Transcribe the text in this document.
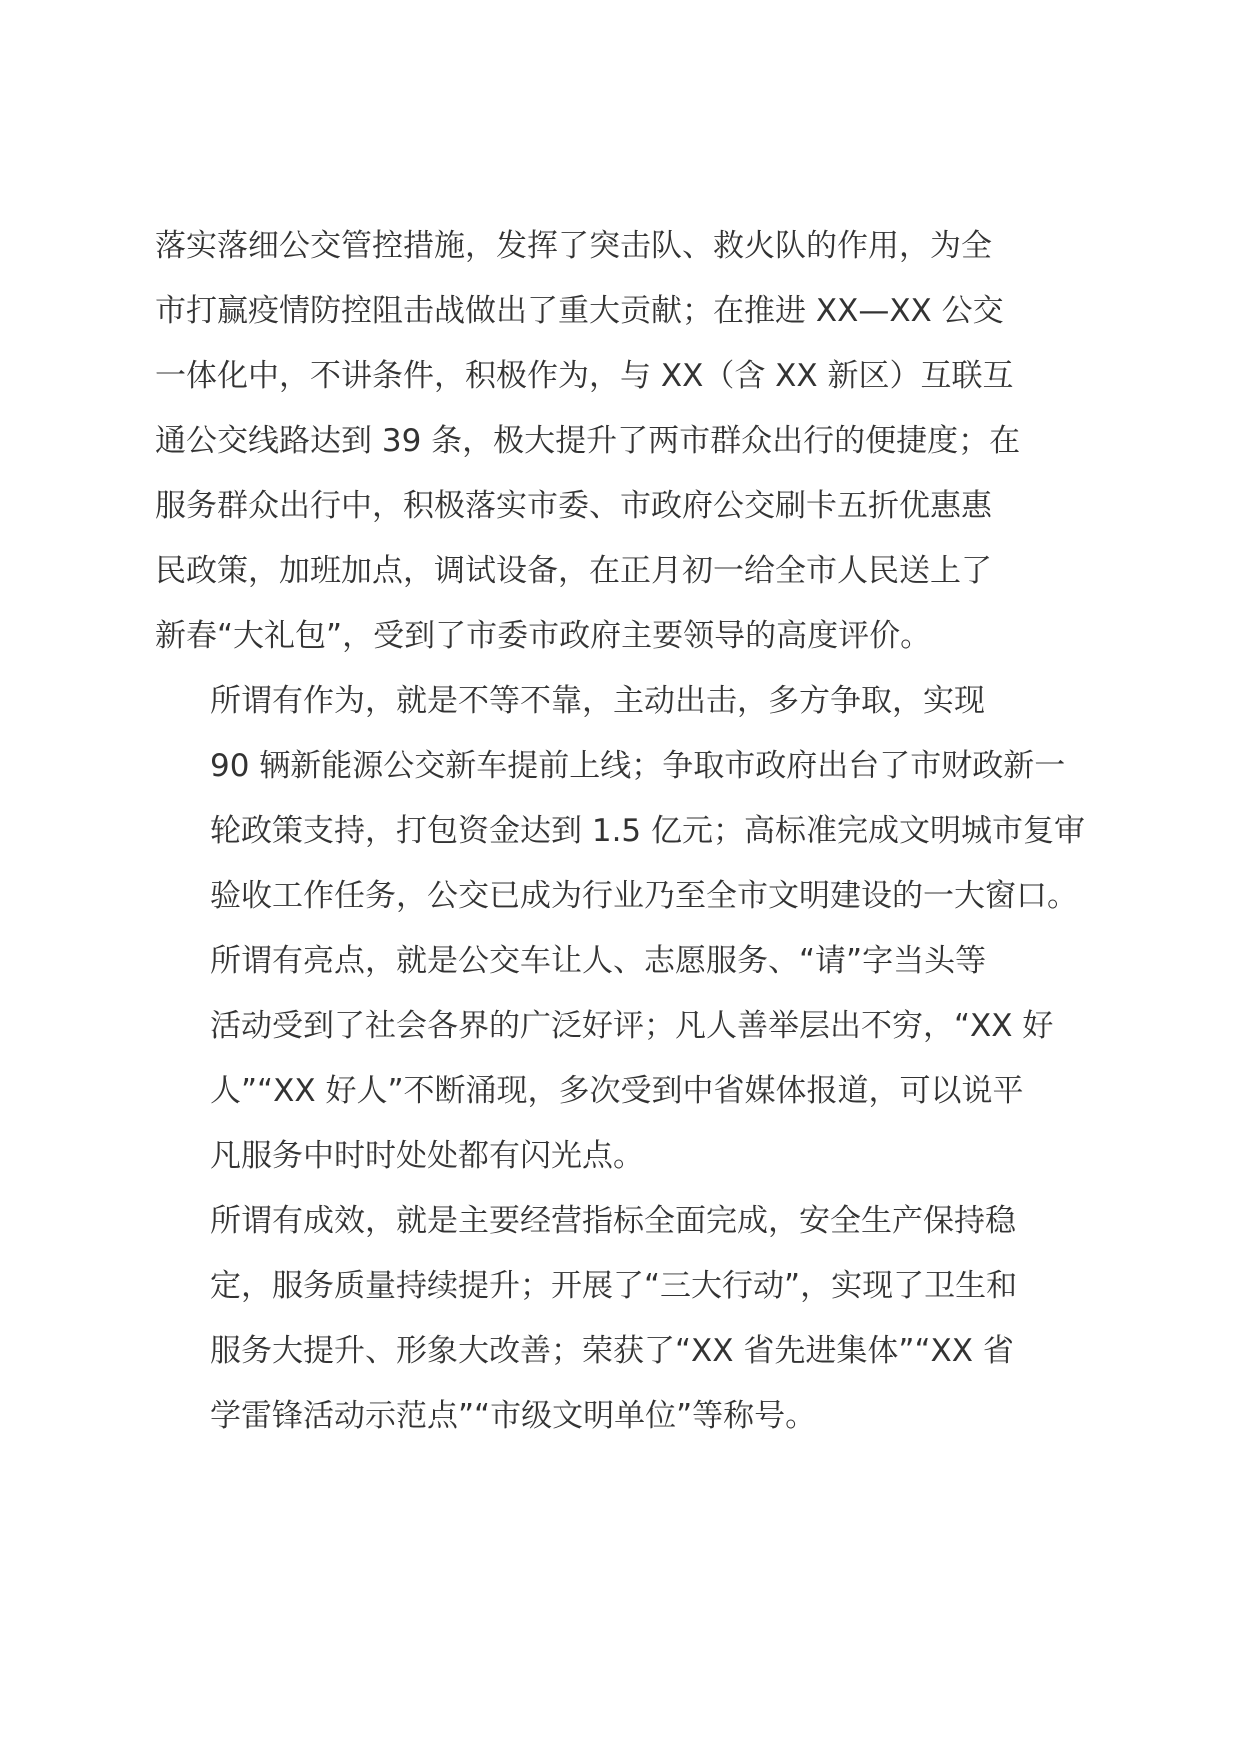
落实落细公交管控措施，发挥了突击队、救火队的作用，为全
市打赢疫情防控阻击战做出了重大贡献；在推进 XX—XX 公交
一体化中，不讲条件，积极作为，与 XX（含 XX 新区）互联互
通公交线路达到 39 条，极大提升了两市群众出行的便捷度；在
服务群众出行中，积极落实市委、市政府公交刷卡五折优惠惠
民政策，加班加点，调试设备，在正月初一给全市人民送上了
新春“大礼包”，受到了市委市政府主要领导的高度评价。

所谓有作为，就是不等不靠，主动出击，多方争取，实现
90 辆新能源公交新车提前上线；争取市政府出台了市财政新一
轮政策支持，打包资金达到 1.5 亿元；高标准完成文明城市复审
验收工作任务，公交已成为行业乃至全市文明建设的一大窗口。

所谓有亮点，就是公交车让人、志愿服务、“请”字当头等
活动受到了社会各界的广泛好评；凡人善举层出不穷，“XX 好
人”“XX 好人”不断涌现，多次受到中省媒体报道，可以说平
凡服务中时时处处都有闪光点。

所谓有成效，就是主要经营指标全面完成，安全生产保持稳
定，服务质量持续提升；开展了“三大行动”，实现了卫生和
服务大提升、形象大改善；荣获了“XX 省先进集体”“XX 省
学雷锋活动示范点”“市级文明单位”等称号。
